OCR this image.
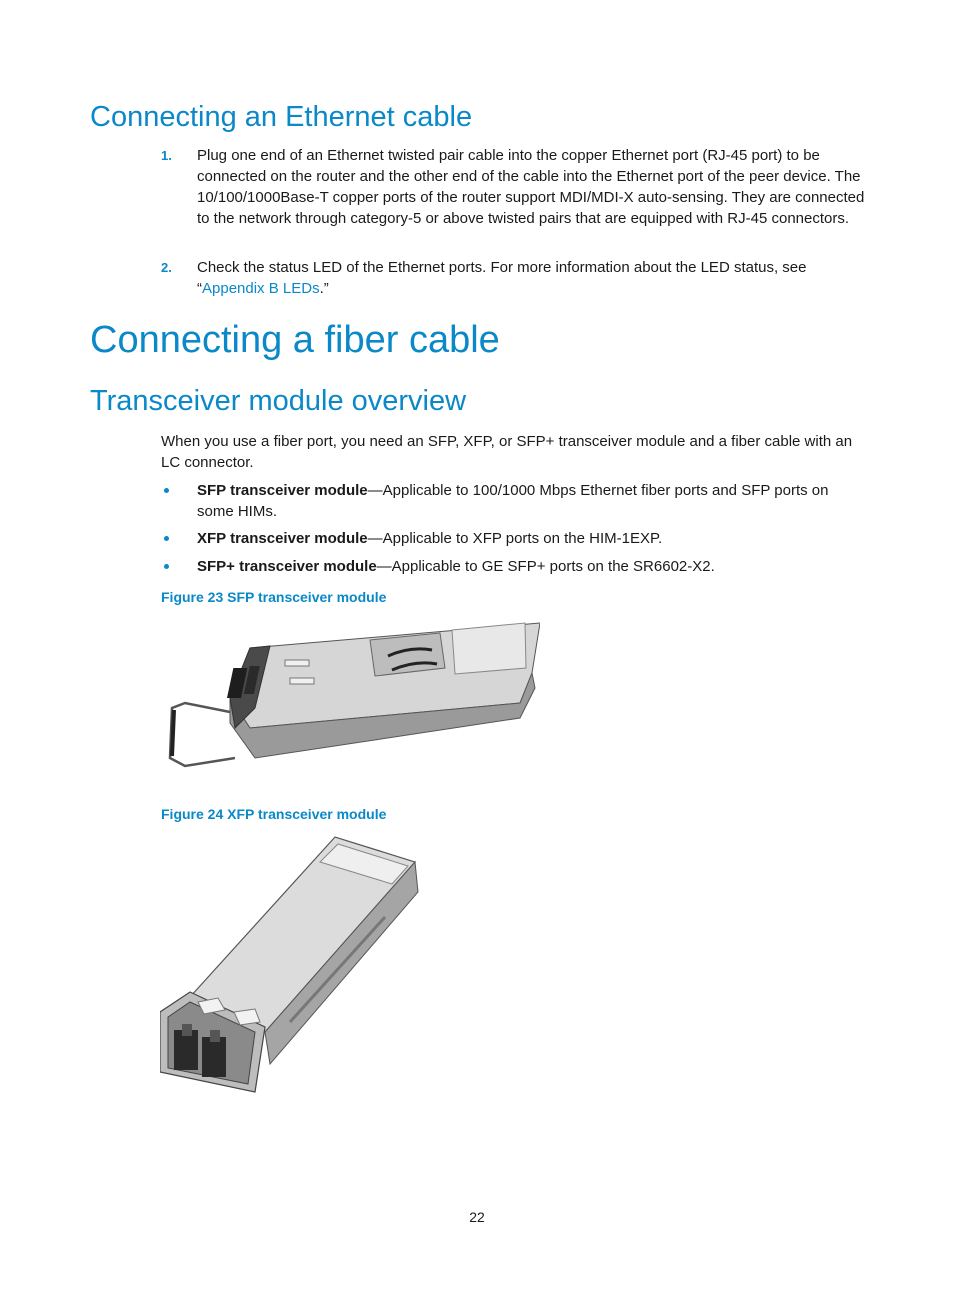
Connecting an Ethernet cable
1. Plug one end of an Ethernet twisted pair cable into the copper Ethernet port (RJ-45 port) to be connected on the router and the other end of the cable into the Ethernet port of the peer device. The 10/100/1000Base-T copper ports of the router support MDI/MDI-X auto-sensing. They are connected to the network through category-5 or above twisted pairs that are equipped with RJ-45 connectors.
2. Check the status LED of the Ethernet ports. For more information about the LED status, see “Appendix B LEDs.”
Connecting a fiber cable
Transceiver module overview
When you use a fiber port, you need an SFP, XFP, or SFP+ transceiver module and a fiber cable with an LC connector.
SFP transceiver module—Applicable to 100/1000 Mbps Ethernet fiber ports and SFP ports on some HIMs.
XFP transceiver module—Applicable to XFP ports on the HIM-1EXP.
SFP+ transceiver module—Applicable to GE SFP+ ports on the SR6602-X2.
Figure 23 SFP transceiver module
Figure 24 XFP transceiver module
22
